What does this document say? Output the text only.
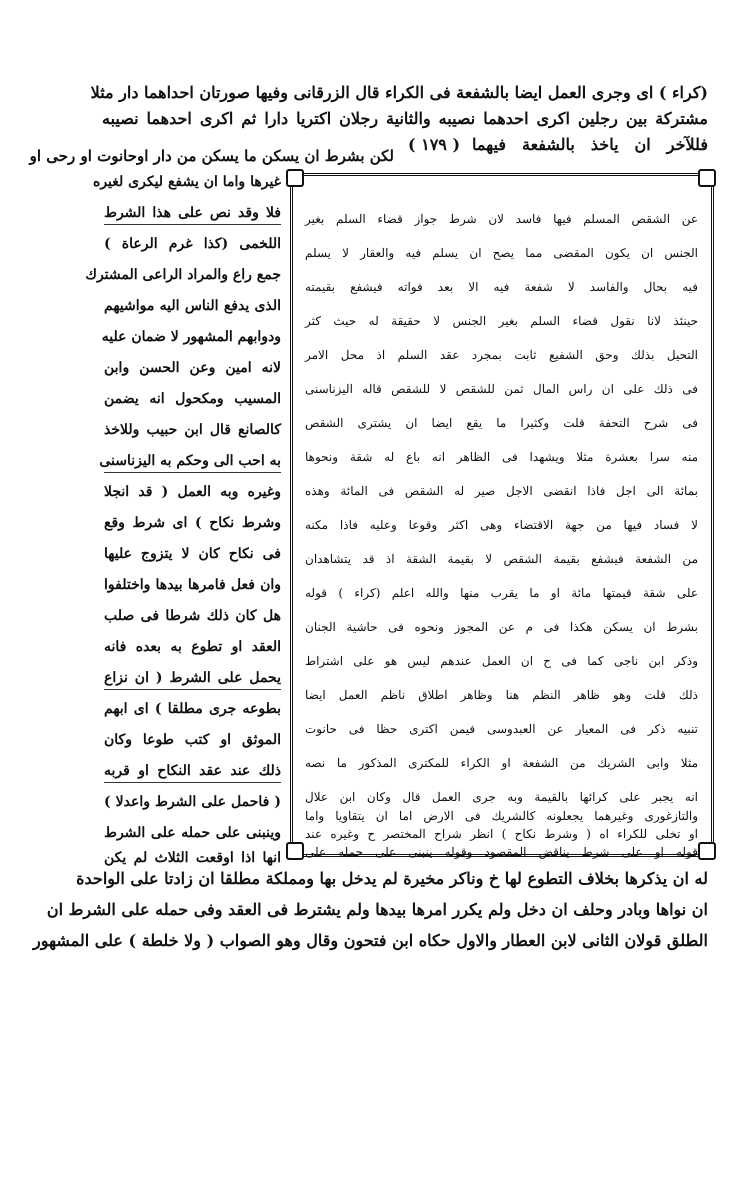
(كراء ) اى وجرى العمل ايضا بالشفعة فى الكراء قال الزرقانى وفيها صورتان احداهما دار مثلا
مشتركة بين رجلين اكرى احدهما نصيبه والثانية رجلان اكتريا دارا ثم اكرى احدهما نصيبه
فللآخر ان ياخذ بالشفعة فيهما
( ١٧٩ )
لكن بشرط ان يسكن ما يسكن من دار اوحانوت او رحى او
غيرها واما ان يشفع ليكرى لغيره
فلا وقد نص على هذا الشرط
اللخمى (كذا غرم الرعاة )
جمع راع والمراد الراعى المشترك
الذى يدفع الناس اليه مواشيهم
ودوابهم المشهور لا ضمان عليه
لانه امين وعن الحسن وابن
المسيب ومكحول انه يضمن
كالصانع قال ابن حبيب وللاخذ
به احب الى وحكم به اليزناسنى
وغيره وبه العمل ( قد انجلا
وشرط نكاح ) اى شرط وقع
فى نكاح كان لا يتزوج عليها
وان فعل فامرها بيدها واختلفوا
هل كان ذلك شرطا فى صلب
العقد او تطوع به بعده فانه
يحمل على الشرط ( ان نزاع
بطوعه جرى مطلقا ) اى ابهم
الموثق او كتب طوعا وكان
ذلك عند عقد النكاح او قربه
( فاحمل على الشرط واعدلا )
وينبنى على حمله على الشرط
انها اذا اوقعت الثلاث لم يكن
عن الشقص المسلم فيها فاسد لان شرط جواز قضاء السلم بغير
الجنس ان يكون المقضى مما يصح ان يسلم فيه والعقار لا يسلم
فيه بحال والفاسد لا شفعة فيه الا بعد فواته فيشفع بقيمته
حينئذ لانا نقول قضاء السلم بغير الجنس لا حقيقة له حيث كثر
التحيل بذلك وحق الشفيع ثابت بمجرد عقد السلم اذ محل الامر
فى ذلك على ان راس المال ثمن للشقص لا للشقص قاله اليزناسنى
فى شرح التحفة قلت وكثيرا ما يقع ايضا ان يشترى الشقص
منه سرا بعشرة مثلا ويشهدا فى الظاهر انه باع له شقة ونحوها
بمائة الى اجل فاذا انقضى الاجل صير له الشقص فى المائة وهذه
لا فساد فيها من جهة الاقتضاء وهى اكثر وقوعا وعليه فاذا مكنه
من الشفعة فيشفع بقيمة الشقص لا بقيمة الشقة اذ قد يتشاهدان
على شقة قيمتها مائة او ما يقرب منها والله اعلم (كراء ) قوله
بشرط ان يسكن هكذا فى م عن المجوز ونحوه فى حاشية الجنان
وذكر ابن ناجى كما فى ح ان العمل عندهم ليس هو على اشتراط
ذلك قلت وهو ظاهر النظم هنا وظاهر اطلاق ناظم العمل ايضا
تنبيه ذكر فى المعيار عن العبدوسى فيمن اكترى حظا فى حانوت
مثلا وابى الشريك من الشفعة او الكراء للمكترى المذكور ما نصه
انه يجبر على كرائها بالقيمة وبه جرى العمل قال وكان ابن علال
والتازغورى وغيرهما يجعلونه كالشريك فى الارض اما ان يتقاويا واما
او تخلى للكراء اه ( وشرط نكاح ) انظر شراح المختصر ح وغيره عند
قوله او على شرط يناقض المقصود وقوله ينبنى على حمله على
له ان يذكرها بخلاف التطوع لها خ وناكر مخيرة لم يدخل بها ومملكة مطلقا ان زادتا على الواحدة
ان نواها وبادر وحلف ان دخل ولم يكرر امرها بيدها ولم يشترط فى العقد وفى حمله على الشرط ان
الطلق قولان الثانى لابن العطار والاول حكاه ابن فتحون وقال وهو الصواب ( ولا خلطة ) على المشهور
